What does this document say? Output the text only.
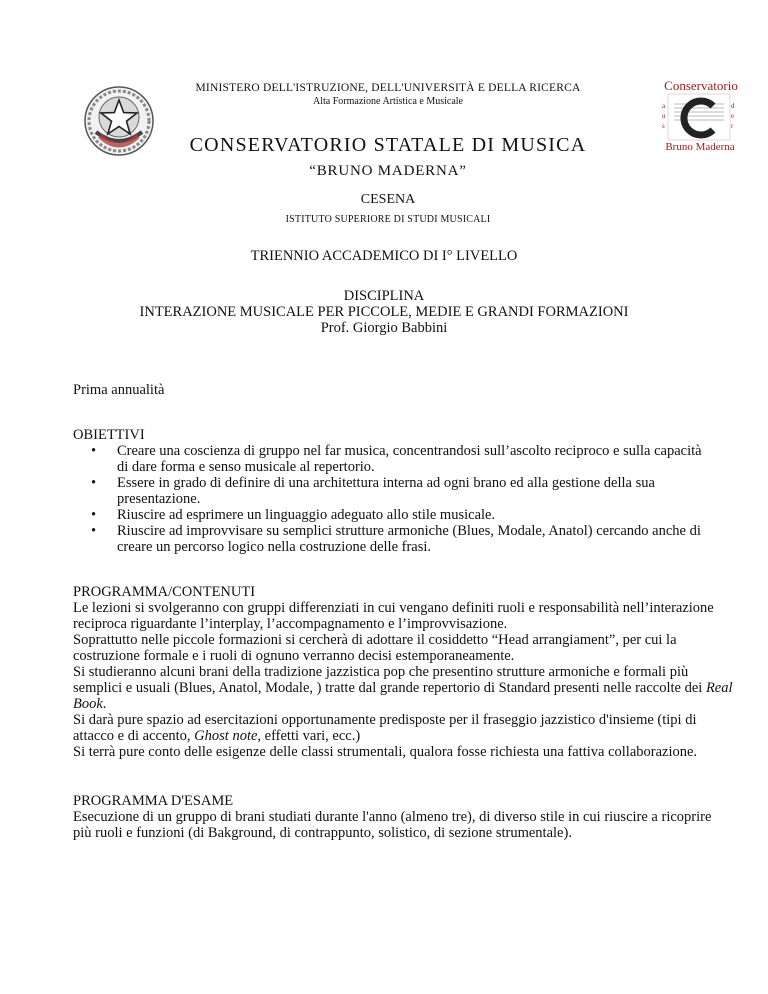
MINISTERO DELL'ISTRUZIONE, DELL'UNIVERSITÀ E DELLA RICERCA
Alta Formazione Artistica e Musicale
CONSERVATORIO STATALE DI MUSICA
“BRUNO MADERNA”
CESENA
ISTITUTO SUPERIORE DI STUDI MUSICALI
a
u
s
d
e
r
Conservatorio
Bruno Maderna
TRIENNIO ACCADEMICO DI I° LIVELLO
DISCIPLINA
INTERAZIONE MUSICALE PER PICCOLE, MEDIE E GRANDI FORMAZIONI
Prof. Giorgio Babbini
Prima annualità
OBIETTIVI
• Creare una coscienza di gruppo nel far musica, concentrandosi sull’ascolto reciproco e sulla capacità di dare forma e senso musicale al repertorio.
• Essere in grado di definire di una architettura interna ad ogni brano ed alla gestione della sua presentazione.
• Riuscire ad esprimere un linguaggio adeguato allo stile musicale.
• Riuscire ad improvvisare su semplici strutture armoniche (Blues, Modale, Anatol) cercando anche di creare un percorso logico nella costruzione delle frasi.
PROGRAMMA/CONTENUTI

Le lezioni si svolgeranno con gruppi differenziati in cui vengano definiti ruoli e responsabilità nell’interazione reciproca riguardante l’interplay, l’accompagnamento e l’improvvisazione.

Soprattutto nelle piccole formazioni si cercherà di adottare il cosiddetto “Head arrangiament”, per cui la costruzione formale e i ruoli di ognuno verranno decisi estemporaneamente.

Si studieranno alcuni brani della tradizione jazzistica pop che presentino strutture armoniche e formali più semplici e usuali (Blues, Anatol, Modale, ) tratte dal grande repertorio di Standard presenti nelle raccolte dei Real Book.

Si darà pure spazio ad esercitazioni opportunamente predisposte per il fraseggio jazzistico d'insieme (tipi di attacco e di accento, Ghost note, effetti vari, ecc.)

Si terrà pure conto delle esigenze delle classi strumentali, qualora fosse richiesta una fattiva collaborazione.

PROGRAMMA D'ESAME
Esecuzione di un gruppo di brani studiati durante l'anno (almeno tre), di diverso stile in cui riuscire a ricoprire più ruoli e funzioni (di Bakground, di contrappunto, solistico, di sezione strumentale).
